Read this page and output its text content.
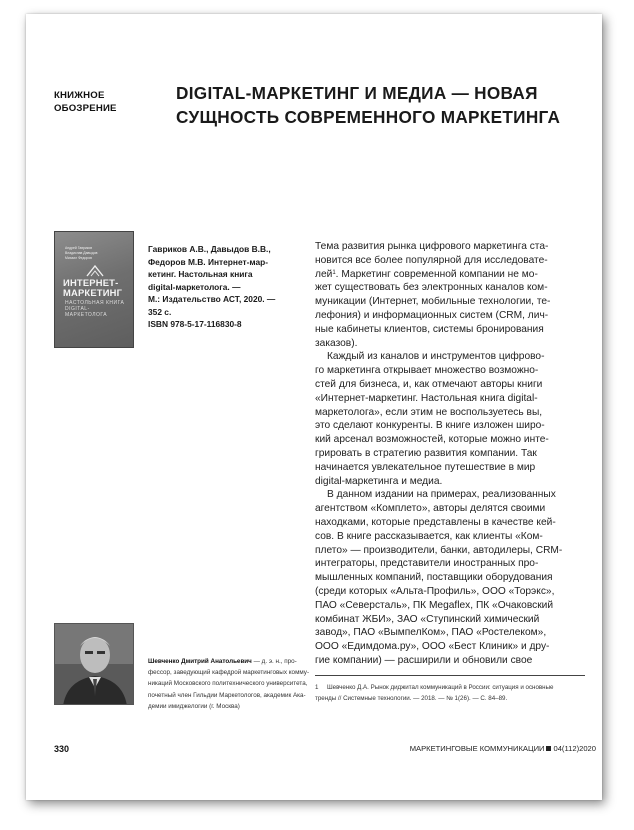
КНИЖНОЕ
ОБОЗРЕНИЕ
DIGITAL-МАРКЕТИНГ И МЕДИА — НОВАЯ
СУЩНОСТЬ СОВРЕМЕННОГО МАРКЕТИНГА
Андрей Гавриков
Владислав Давыдов
Михаил Федоров
ИНТЕРНЕТ-
МАРКЕТИНГ
НАСТОЛЬНАЯ КНИГА
DIGITAL-МАРКЕТОЛОГА
Гавриков А.В., Давыдов В.В.,
Федоров М.В. Интернет-мар-
кетинг. Настольная книга
digital-маркетолога. —
М.: Издательство АСТ, 2020. —
352 с.
ISBN 978-5-17-116830-8
Тема развития рынка цифрового маркетинга ста-
новится все более популярной для исследовате-
лей$^1$. Маркетинг современной компании не мо-
жет существовать без электронных каналов ком-
муникации (Интернет, мобильные технологии, те-
лефония) и информационных систем (CRM, лич-
ные кабинеты клиентов, системы бронирования
заказов).
Каждый из каналов и инструментов цифрово-
го маркетинга открывает множество возможно-
стей для бизнеса, и, как отмечают авторы книги
«Интернет-маркетинг. Настольная книга digital-
маркетолога», если этим не воспользуетесь вы,
это сделают конкуренты. В книге изложен широ-
кий арсенал возможностей, которые можно инте-
грировать в стратегию развития компании. Так
начинается увлекательное путешествие в мир
digital-маркетинга и медиа.
В данном издании на примерах, реализованных
агентством «Комплето», авторы делятся своими
находками, которые представлены в качестве кей-
сов. В книге рассказывается, как клиенты «Ком-
плето» — производители, банки, автодилеры, CRM-
интеграторы, представители иностранных про-
мышленных компаний, поставщики оборудования
(среди которых «Альта-Профиль», ООО «Торэкс»,
ПАО «Северсталь», ПК Megaflex, ПК «Очаковский
комбинат ЖБИ», ЗАО «Ступинский химический
завод», ПАО «ВымпелКом», ПАО «Ростелеком»,
ООО «Едимдома.ру», ООО «Бест Клиник» и дру-
гие компании) — расширили и обновили свое
Шевченко Дмитрий Анатольевич — д. э. н., про-
фессор, заведующий кафедрой маркетинговых комму-
никаций Московского политехнического университета,
почетный член Гильдии Маркетологов, академик Ака-
демии имиджелогии (г. Москва)
1 Шевченко Д.А. Рынок диджитал коммуникаций в России: ситуация и основные
тренды // Системные технологии. — 2018. — № 1(26). — С. 84–89.
330	МАРКЕТИНГОВЫЕ КОММУНИКАЦИИ 04(112)2020
